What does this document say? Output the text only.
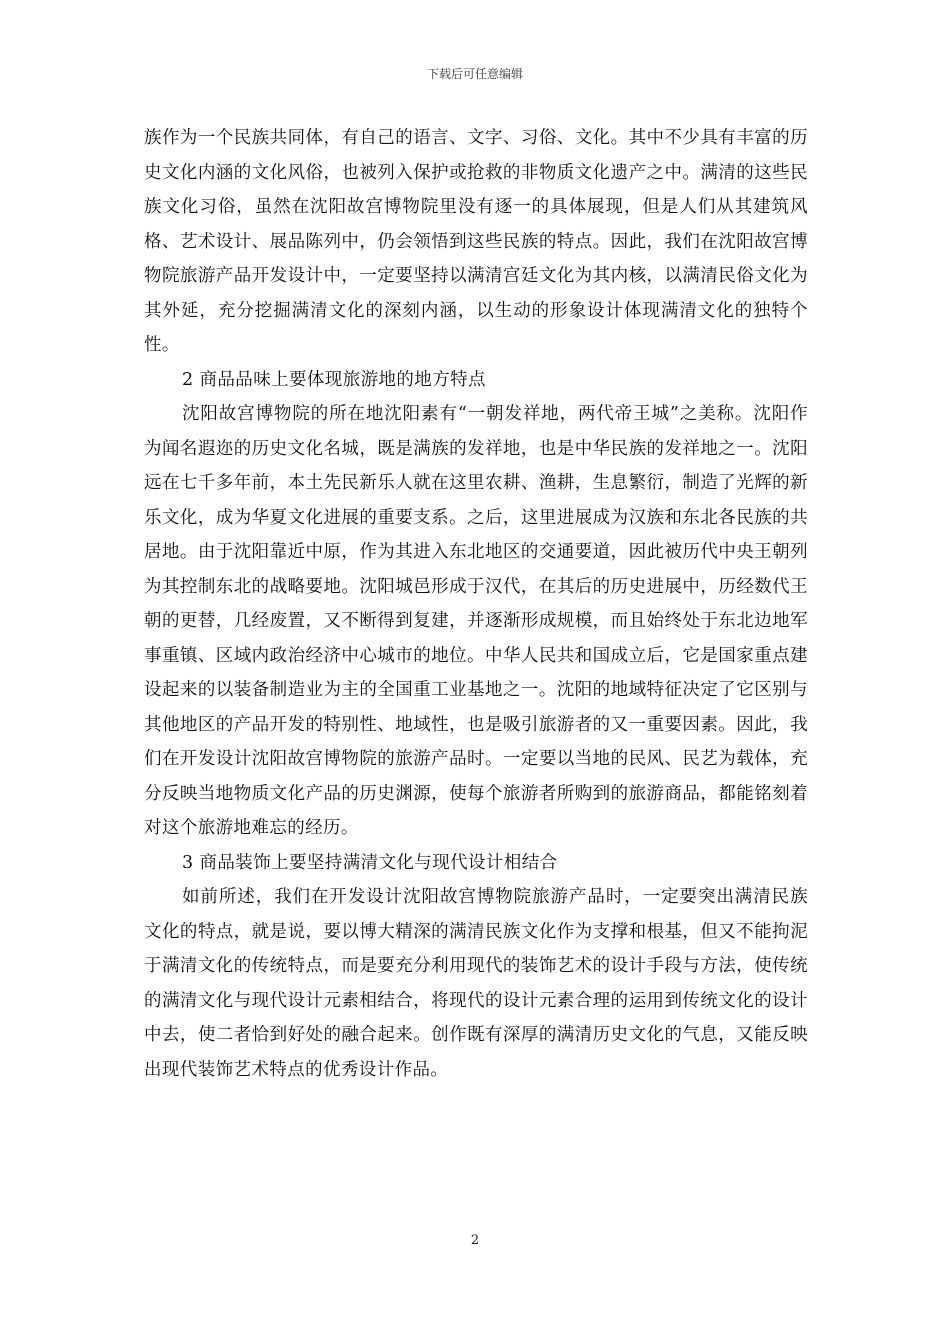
下载后可任意编辑

族作为一个民族共同体，有自己的语言、文字、习俗、文化。其中不少具有丰富的历史文化内涵的文化风俗，也被列入保护或抢救的非物质文化遗产之中。满清的这些民族文化习俗，虽然在沈阳故宫博物院里没有逐一的具体展现，但是人们从其建筑风格、艺术设计、展品陈列中，仍会领悟到这些民族的特点。因此，我们在沈阳故宫博物院旅游产品开发设计中，一定要坚持以满清宫廷文化为其内核，以满清民俗文化为其外延，充分挖掘满清文化的深刻内涵，以生动的形象设计体现满清文化的独特个性。

2 商品品味上要体现旅游地的地方特点

沈阳故宫博物院的所在地沈阳素有“一朝发祥地，两代帝王城”之美称。沈阳作为闻名遐迩的历史文化名城，既是满族的发祥地，也是中华民族的发祥地之一。沈阳远在七千多年前，本土先民新乐人就在这里农耕、渔耕，生息繁衍，制造了光辉的新乐文化，成为华夏文化进展的重要支系。之后，这里进展成为汉族和东北各民族的共居地。由于沈阳靠近中原，作为其进入东北地区的交通要道，因此被历代中央王朝列为其控制东北的战略要地。沈阳城邑形成于汉代，在其后的历史进展中，历经数代王朝的更替，几经废置，又不断得到复建，并逐渐形成规模，而且始终处于东北边地军事重镇、区域内政治经济中心城市的地位。中华人民共和国成立后，它是国家重点建设起来的以装备制造业为主的全国重工业基地之一。沈阳的地域特征决定了它区别与其他地区的产品开发的特别性、地域性，也是吸引旅游者的又一重要因素。因此，我们在开发设计沈阳故宫博物院的旅游产品时。一定要以当地的民风、民艺为载体，充分反映当地物质文化产品的历史渊源，使每个旅游者所购到的旅游商品，都能铭刻着对这个旅游地难忘的经历。

3 商品装饰上要坚持满清文化与现代设计相结合

如前所述，我们在开发设计沈阳故宫博物院旅游产品时，一定要突出满清民族文化的特点，就是说，要以博大精深的满清民族文化作为支撑和根基，但又不能拘泥于满清文化的传统特点，而是要充分利用现代的装饰艺术的设计手段与方法，使传统的满清文化与现代设计元素相结合，将现代的设计元素合理的运用到传统文化的设计中去，使二者恰到好处的融合起来。创作既有深厚的满清历史文化的气息，又能反映出现代装饰艺术特点的优秀设计作品。

2
